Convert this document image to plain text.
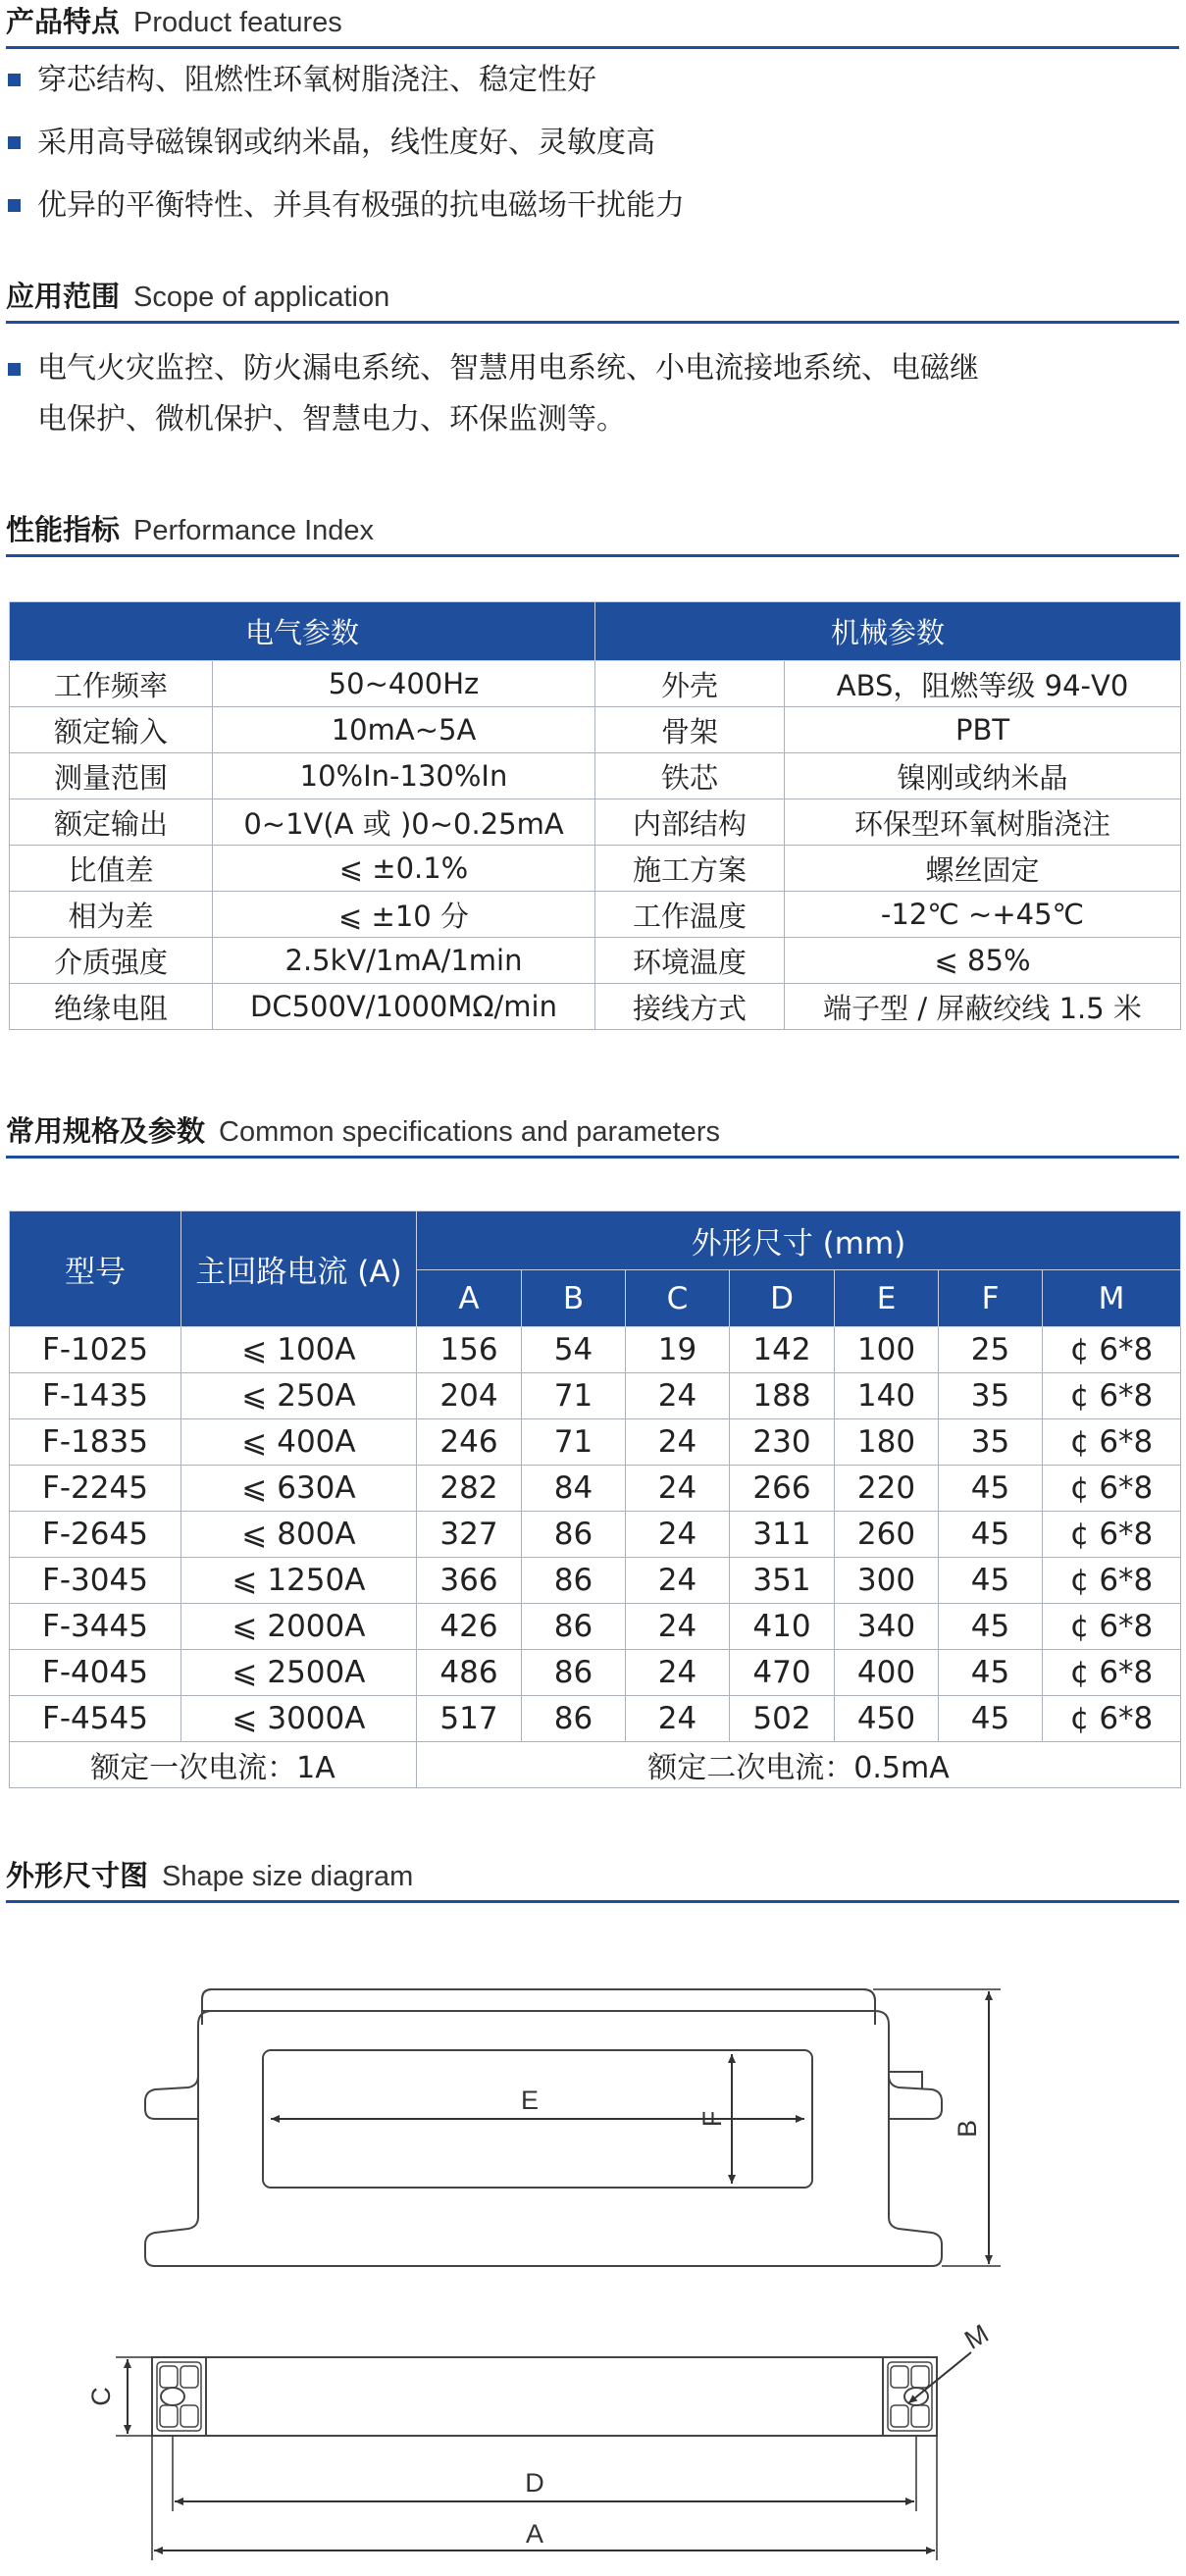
产品特点 Product features
穿芯结构、阻燃性环氧树脂浇注、稳定性好
采用高导磁镍钢或纳米晶，线性度好、灵敏度高
优异的平衡特性、并具有极强的抗电磁场干扰能力
应用范围 Scope of application
电气火灾监控、防火漏电系统、智慧用电系统、小电流接地系统、电磁继
电保护、微机保护、智慧电力、环保监测等。
性能指标 Performance Index
电气参数		机械参数	
工作频率	50~400Hz	外壳	ABS，阻燃等级 94-V0
额定输入	10mA~5A	骨架	PBT
测量范围	10%In-130%In	铁芯	镍刚或纳米晶
额定输出	0~1V(A 或 )0~0.25mA	内部结构	环保型环氧树脂浇注
比值差	⩽ ±0.1%	施工方案	螺丝固定
相为差	⩽ ±10 分	工作温度	-12℃ ~+45℃
介质强度	2.5kV/1mA/1min	环境温度	⩽ 85%
绝缘电阻	DC500V/1000MΩ/min	接线方式	端子型 / 屏蔽绞线 1.5 米
常用规格及参数 Common specifications and parameters
型号	主回路电流 (A)	外形尺寸 (mm)						
		A	B	C	D	E	F	M
F-1025	⩽ 100A	156	54	19	142	100	25	¢ 6*8
F-1435	⩽ 250A	204	71	24	188	140	35	¢ 6*8
F-1835	⩽ 400A	246	71	24	230	180	35	¢ 6*8
F-2245	⩽ 630A	282	84	24	266	220	45	¢ 6*8
F-2645	⩽ 800A	327	86	24	311	260	45	¢ 6*8
F-3045	⩽ 1250A	366	86	24	351	300	45	¢ 6*8
F-3445	⩽ 2000A	426	86	24	410	340	45	¢ 6*8
F-4045	⩽ 2500A	486	86	24	470	400	45	¢ 6*8
F-4545	⩽ 3000A	517	86	24	502	450	45	¢ 6*8
额定一次电流：1A		额定二次电流：0.5mA						
外形尺寸图 Shape size diagram
E
F
B
M
C
D
A
